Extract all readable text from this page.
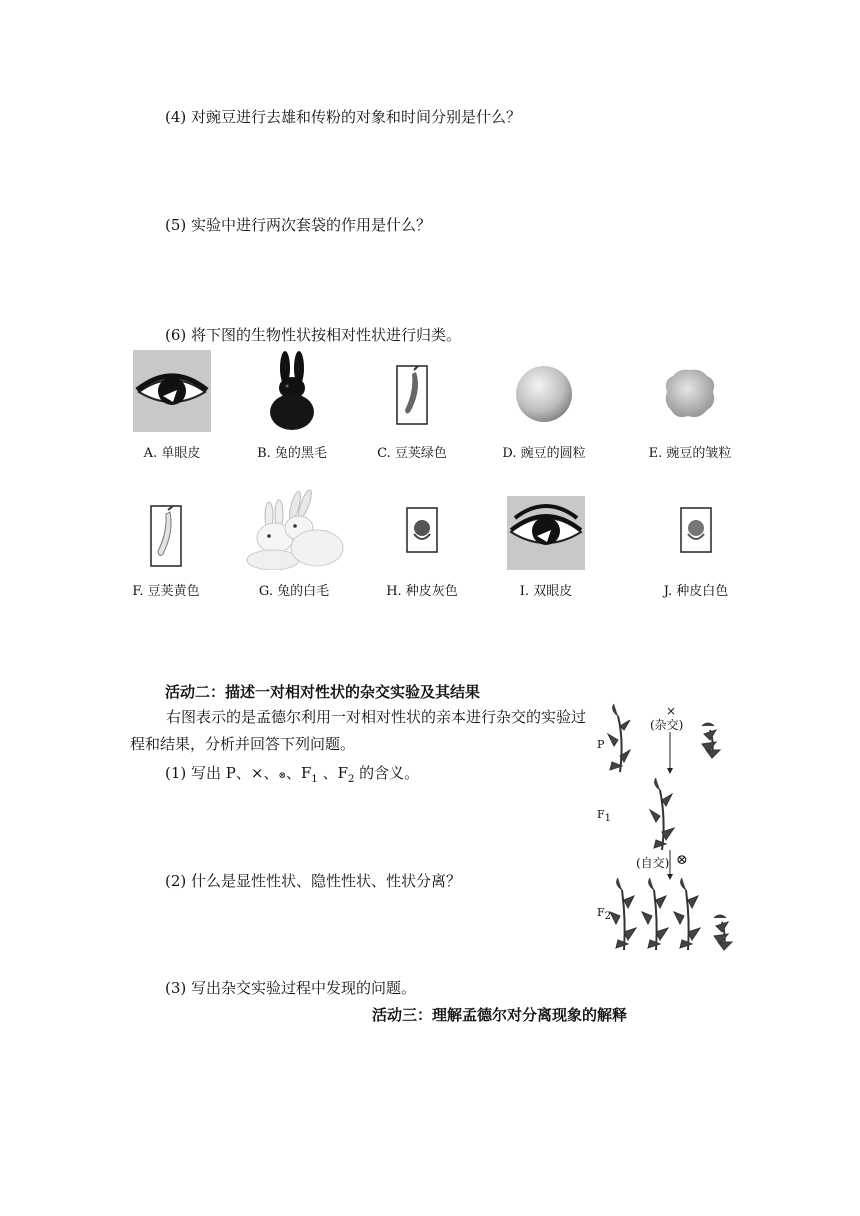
(4) 对豌豆进行去雄和传粉的对象和时间分别是什么？
(5) 实验中进行两次套袋的作用是什么？
(6) 将下图的生物性状按相对性状进行归类。
A. 单眼皮	B. 兔的黑毛	C. 豆荚绿色	D. 豌豆的圆粒	E. 豌豆的皱粒
F. 豆荚黄色	G. 兔的白毛	H. 种皮灰色	I. 双眼皮	J. 种皮白色
活动二：描述一对相对性状的杂交实验及其结果
右图表示的是孟德尔利用一对相对性状的亲本进行杂交的实验过程和结果，分析并回答下列问题。
(1) 写出 P、×、⊗、$F_1$ 、$F_2$ 的含义。
(2) 什么是显性性状、隐性性状、性状分离？
(3) 写出杂交实验过程中发现的问题。
活动三：理解孟德尔对分离现象的解释
P
×
(杂交)
$F_1$
(自交) ⊗
$F_2$
